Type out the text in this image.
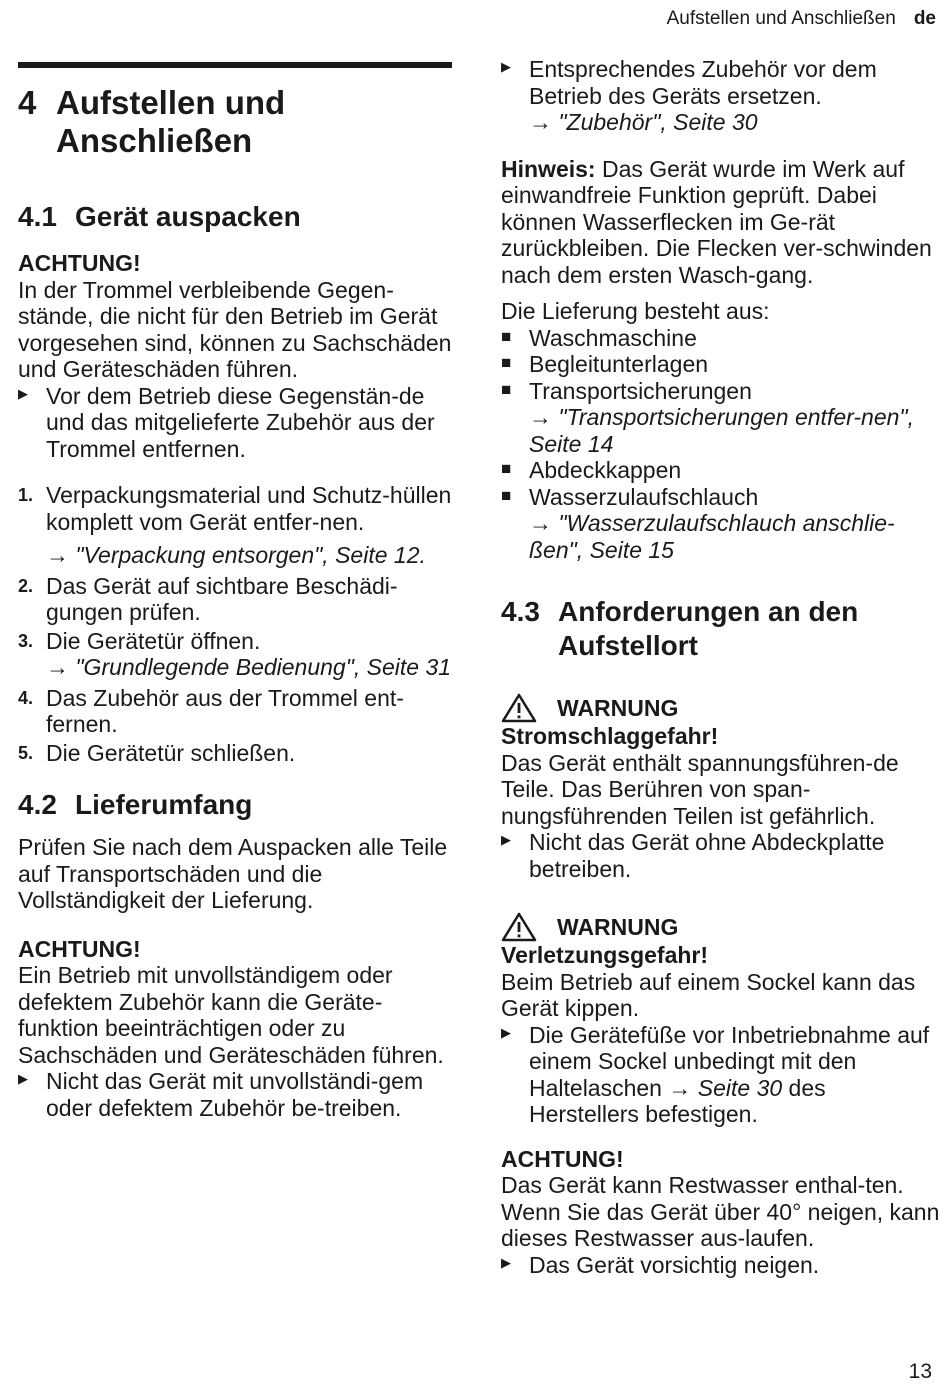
Aufstellen und Anschließen de
4 Aufstellen und
Anschließen
4.1 Gerät auspacken

ACHTUNG!

In der Trommel verbleibende Gegen-stände, die nicht für den Betrieb im Gerät vorgesehen sind, können zu Sachschäden und Geräteschäden führen.

▶ Vor dem Betrieb diese Gegenstän-de und das mitgelieferte Zubehör aus der Trommel entfernen.
1. Verpackungsmaterial und Schutz-hüllen komplett vom Gerät entfer-nen.
→ "Verpackung entsorgen", Seite 12.
2. Das Gerät auf sichtbare Beschädi-gungen prüfen.
3. Die Gerätetür öffnen.
→ "Grundlegende Bedienung", Seite 31
4. Das Zubehör aus der Trommel ent-fernen.
5. Die Gerätetür schließen.
4.2 Lieferumfang

Prüfen Sie nach dem Auspacken alle Teile auf Transportschäden und die Vollständigkeit der Lieferung.

ACHTUNG!

Ein Betrieb mit unvollständigem oder defektem Zubehör kann die Geräte-funktion beeinträchtigen oder zu Sachschäden und Geräteschäden führen.

▶ Nicht das Gerät mit unvollständi-gem oder defektem Zubehör be-treiben.
▶ Entsprechendes Zubehör vor dem Betrieb des Geräts ersetzen.
→ "Zubehör", Seite 30

Hinweis: Das Gerät wurde im Werk auf einwandfreie Funktion geprüft. Dabei können Wasserflecken im Ge-rät zurückbleiben. Die Flecken ver-schwinden nach dem ersten Wasch-gang.

Die Lieferung besteht aus:

■ Waschmaschine
■ Begleitunterlagen
■ Transportsicherungen
→ "Transportsicherungen entfer-nen", Seite 14
■ Abdeckkappen
■ Wasserzulaufschlauch
→ "Wasserzulaufschlauch anschlie-ßen", Seite 15
4.3 Anforderungen an den
Aufstellort
WARNUNG

Stromschlaggefahr!

Das Gerät enthält spannungsführen-de Teile. Das Berühren von span-nungsführenden Teilen ist gefährlich.

▶ Nicht das Gerät ohne Abdeckplatte betreiben.
WARNUNG

Verletzungsgefahr!

Beim Betrieb auf einem Sockel kann das Gerät kippen.

▶ Die Gerätefüße vor Inbetriebnahme auf einem Sockel unbedingt mit den Haltelaschen → Seite 30 des Herstellers befestigen.

ACHTUNG!

Das Gerät kann Restwasser enthal-ten. Wenn Sie das Gerät über 40° neigen, kann dieses Restwasser aus-laufen.

▶ Das Gerät vorsichtig neigen.
13
